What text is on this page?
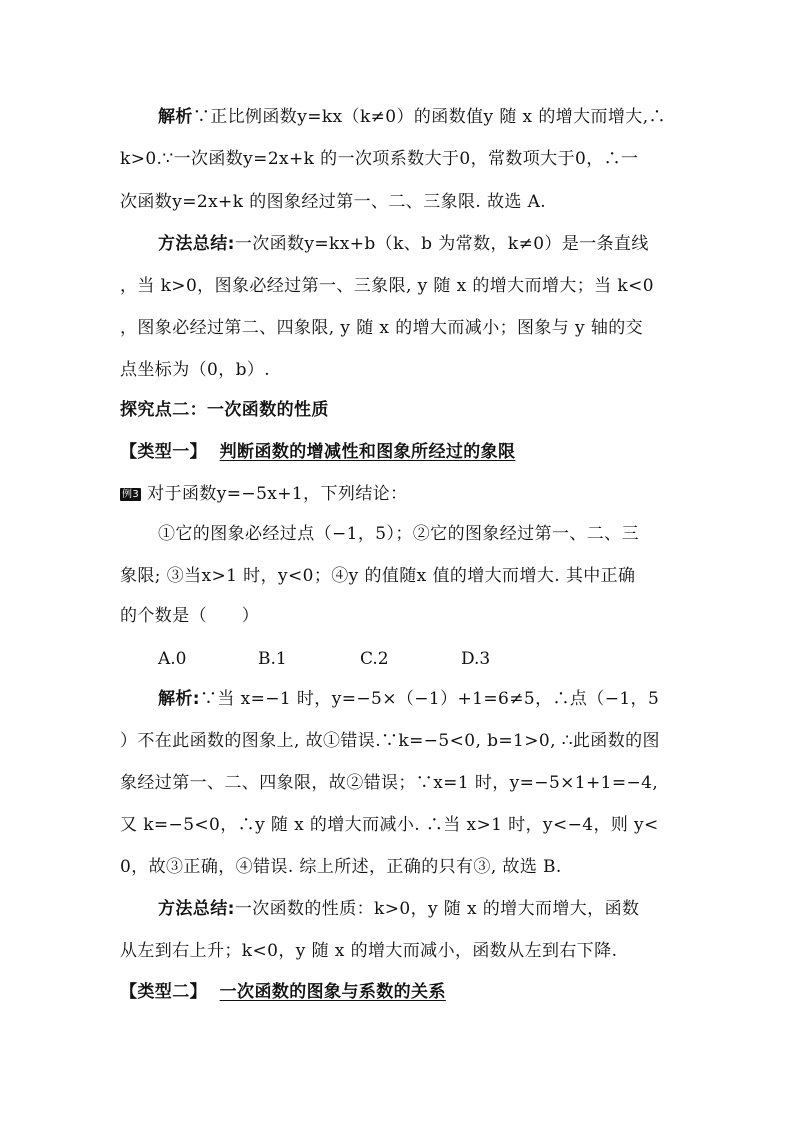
解析∵正比例函数y=kx（k≠0）的函数值y 随 x 的增大而增大,∴
k>0.∵一次函数y=2x+k 的一次项系数大于0，常数项大于0，∴一
次函数y=2x+k 的图象经过第一、二、三象限. 故选 A.
方法总结:一次函数y=kx+b（k、b 为常数，k≠0）是一条直线
，当 k>0，图象必经过第一、三象限, y 随 x 的增大而增大；当 k<0
，图象必经过第二、四象限, y 随 x 的增大而减小；图象与 y 轴的交
点坐标为（0，b）.
探究点二：一次函数的性质
【类型一】 判断函数的增减性和图象所经过的象限
例3 对于函数y=−5x+1，下列结论：
①它的图象必经过点（−1，5）；②它的图象经过第一、二、三
象限; ③当x>1 时，y<0；④y 的值随x 值的增大而增大. 其中正确
的个数是（　　）
A.0	B.1	C.2	D.3
解析:∵当 x=−1 时，y=−5×（−1）+1=6≠5，∴点（−1，5
）不在此函数的图象上, 故①错误.∵k=−5<0, b=1>0, ∴此函数的图
象经过第一、二、四象限，故②错误；∵x=1 时，y=−5×1+1=−4,
又 k=−5<0，∴y 随 x 的增大而减小. ∴当 x>1 时，y<−4，则 y<
0，故③正确，④错误. 综上所述，正确的只有③, 故选 B.
方法总结:一次函数的性质：k>0，y 随 x 的增大而增大，函数
从左到右上升；k<0，y 随 x 的增大而减小，函数从左到右下降.
【类型二】 一次函数的图象与系数的关系
